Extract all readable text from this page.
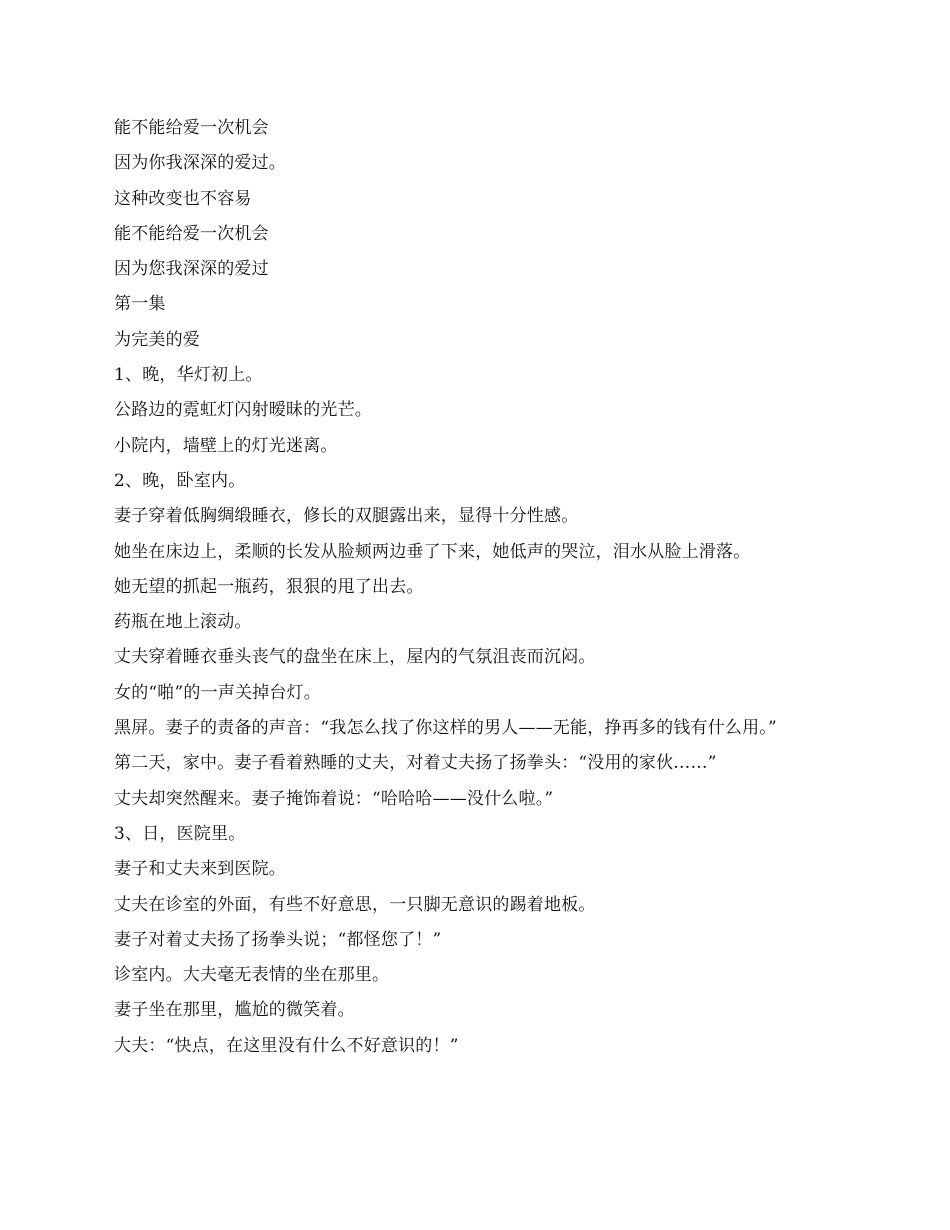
能不能给爱一次机会
因为你我深深的爱过。
这种改变也不容易
能不能给爱一次机会
因为您我深深的爱过
第一集
为完美的爱
1、晚，华灯初上。
公路边的霓虹灯闪射暧昧的光芒。
小院内，墙壁上的灯光迷离。
2、晚，卧室内。
妻子穿着低胸绸缎睡衣，修长的双腿露出来，显得十分性感。
她坐在床边上，柔顺的长发从脸颊两边垂了下来，她低声的哭泣，泪水从脸上滑落。
她无望的抓起一瓶药，狠狠的甩了出去。
药瓶在地上滚动。
丈夫穿着睡衣垂头丧气的盘坐在床上，屋内的气氛沮丧而沉闷。
女的“啪”的一声关掉台灯。
黑屏。妻子的责备的声音：“我怎么找了你这样的男人——无能，挣再多的钱有什么用。”
第二天，家中。妻子看着熟睡的丈夫，对着丈夫扬了扬拳头：“没用的家伙……”
丈夫却突然醒来。妻子掩饰着说：“哈哈哈——没什么啦。”
3、日，医院里。
妻子和丈夫来到医院。
丈夫在诊室的外面，有些不好意思，一只脚无意识的踢着地板。
妻子对着丈夫扬了扬拳头说；“都怪您了！”
诊室内。大夫毫无表情的坐在那里。
妻子坐在那里，尴尬的微笑着。
大夫：“快点，在这里没有什么不好意识的！”
